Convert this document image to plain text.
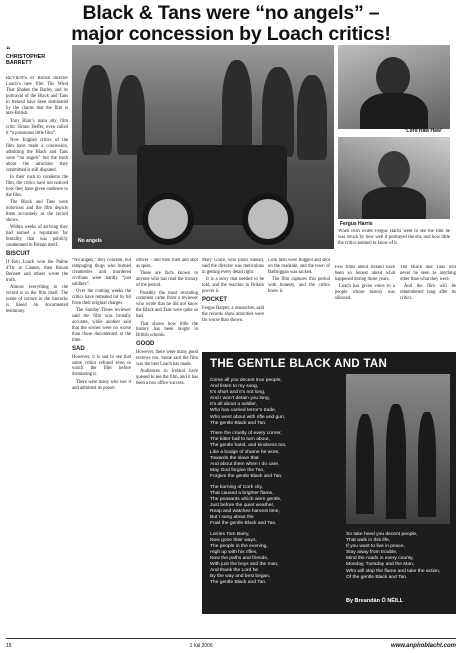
Black & Tans were “no angels” –
major concession by Loach critics!
“
CHRISTOPHER
BARRETT

REVIEWS of British director Loach’s new film The Wind That Shakes the Barley and its portrayal of the Black and Tans in Ireland have been dominated by the claims that the film is anti-British.

Tony Blair’s main ally, film critic Simon Heffer, even called it “a poisonous little film”.

Now English critics of the film have made a concession, admitting the Black and Tans were “no angels” but the truth about the atrocities they committed is still disputed.

In their rush to condemn the film, the critics have not noticed how they have given credence to the film.

The Black and Tans were notorious and the film depicts them accurately as the record shows.

Within weeks of arriving they had earned a reputation for brutality that was publicly condemned in Britain itself.

BISCUIT

If Ken Loach won the Palme d’Or at Cannes, then Ronan Bennett and others wrote the truth.

Almost everything in the record is in the film itself. The scene of torture in the barracks is based on documented testimony.

No angels
‘Lord Haw Haw’
Fergus Harris
When Irish writer Fergus Harris went to see the film he was struck by how well it portrayed the era, and how little the critics seemed to know of it.

“No angels,” they concede, but rampaging thugs who burned creameries and murdered civilians were hardly “just soldiers”.

Over the coming weeks the critics have retreated bit by bit from their original charges.

The Sunday Times reviewer said the film was brutally accurate, while another said that the scenes were no worse than those documented at the time.

SAD

However, it is sad to see that some critics refused even to watch the film before dismissing it.

There were many who saw it and admitted its power.

officer – and then tried and shot as spies.

These are facts known to anyone who has read the history of the period.

Possibly the most revealing comment came from a reviewer who wrote that he did not know the Black and Tans were quite so bad.

That shows how little the history has been taught in British schools.

GOOD

However, there were many good reviews too. Some said the film was the best Loach has made.

Audiences in Ireland have queued to see the film, and it has been a box office success.

Mary Grant, who plays Sinéad, said the director was meticulous in getting every detail right.

It is a story that needed to be told, and the reaction in Britain proves it.

POCKET

Fergus Harper, a researcher, said the records show atrocities were far worse than shown.

Cork men were flogged and shot on the roadside, and the town of Balbriggan was sacked.

The film captures this period with honesty, and the critics know it.

Few films about Ireland have been so honest about what happened during those years.

Loach has given voice to a people whose history was silenced.

The Black and Tans will never be seen as anything other than what they were.

And the film will be remembered long after its critics.

THE GENTLE BLACK AND TAN
Come all you decent true people,
And listen to my song,
It’s short and it’s not long,
And I won’t detain you long,
It’s all about a soldier,
Who has carried terror’s trade,
Who went about with rifle and gun,
The gentle Black and Tan.
There the cruelty of every corner,
The bitter ball to turn about,
The gentle hand, and kindness too,
Like a badge of shame he wore,
Towards the slave that
And about them when I do care,
May God forgive the Tan,
Forgive the gentle Black and Tan.
The burning of Cork city,
That caused a brighter flame,
The peasants which were gentle,
Just before the quiet weather,
Reap and watches harvest time,
But I sang about the
Fowl the gentle Black and Tan.
Lorries Tom Barry,
Now gone their ways,
The people in the evening,
High up with his rifles,
Now the paths and friends,
With just the boys and the man,
And thank the Lord he
By the way and best began,
The gentle Black and Tan.
So take heed you decent people,
That walk in this life,
If you want to live in peace,
Stay away from trouble,
Mind the roads in every county,
Monday, Tuesday and the Man,
Who will stop the flame and take the action,
Of the gentle Black and Tan.
By Breandán Ó NÉILL
18	1 Iúil 2006	www.anphoblacht.com
